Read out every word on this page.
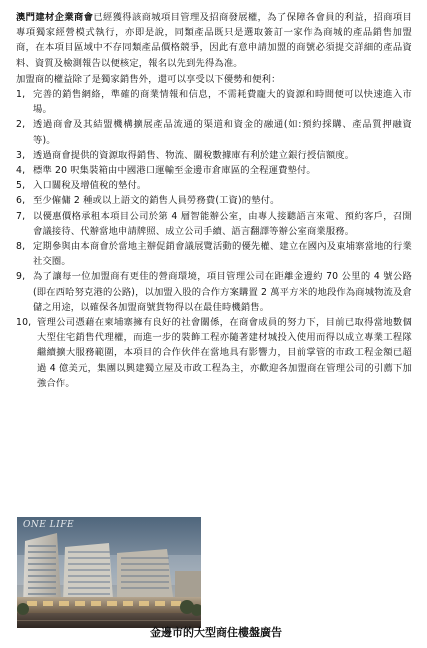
澳門建材企業商會已經獲得該商城項目管理及招商發展權，為了保障各會員的利益，招商項目專項獨家經營模式執行，亦即是說，同類產品既只是選取簽訂一家作為商城的產品銷售加盟商，在本項目區域中不存同類產品價格競爭，因此有意申請加盟的商號必須提交詳細的產品資料、資質及檢測報告以便核定，報名以先到先得為准。

加盟商的權益除了是獨家銷售外，還可以享受以下優勢和便利：

1, 完善的銷售網絡，準確的商業情報和信息，不需耗費龐大的資源和時間便可以快速進入市場。
2, 透過商會及其結盟機構擴展產品流通的渠道和資金的融通(如:預約採購、產品質押融資等)。
3, 透過商會提供的資源取得銷售、物流、關稅數據庫有利於建立銀行授信額度。
4, 標準 20 呎集裝箱由中國港口運輸至金邊市倉庫區的全程運費墊付。
5, 入口關稅及增值稅的墊付。
6, 至少僱傭 2 種或以上語文的銷售人員勞務費(工資)的墊付。
7, 以優惠價格承租本項目公司於第 4 層智能辦公室，由專人接聽語言來電、預約客戶，召開會議接待、代辦當地申請牌照、成立公司手續、語言翻譯等辦公室商業服務。
8, 定期參與由本商會於當地主辦促銷會議展覽活動的優先權、建立在國內及東埔寨當地的行業社交圈。
9, 為了讓每一位加盟商有更佳的營商環境，項目管理公司在距離金邊約 70 公里的 4 號公路(即在西哈努克港的公路)，以加盟入股的合作方案購置 2 萬平方米的地段作為商城物流及倉儲之用途，以確保各加盟商號貨物得以在最佳時機銷售。
10, 管理公司憑藉在柬埔寨擁有良好的社會關係，在商會成員的努力下，目前已取得當地數個大型住宅銷售代理權，而進一步的裝飾工程亦隨著建材城投入使用而得以成立專業工程隊繼續擴大服務範圍，本項目的合作伙伴在當地具有影響力，目前掌管的市政工程金額已超過 4 億美元，集團以興建獨立屋及市政工程為主，亦歡迎各加盟商在管理公司的引薦下加強合作。
ONE LIFE
金邊市的大型商住樓盤廣告
